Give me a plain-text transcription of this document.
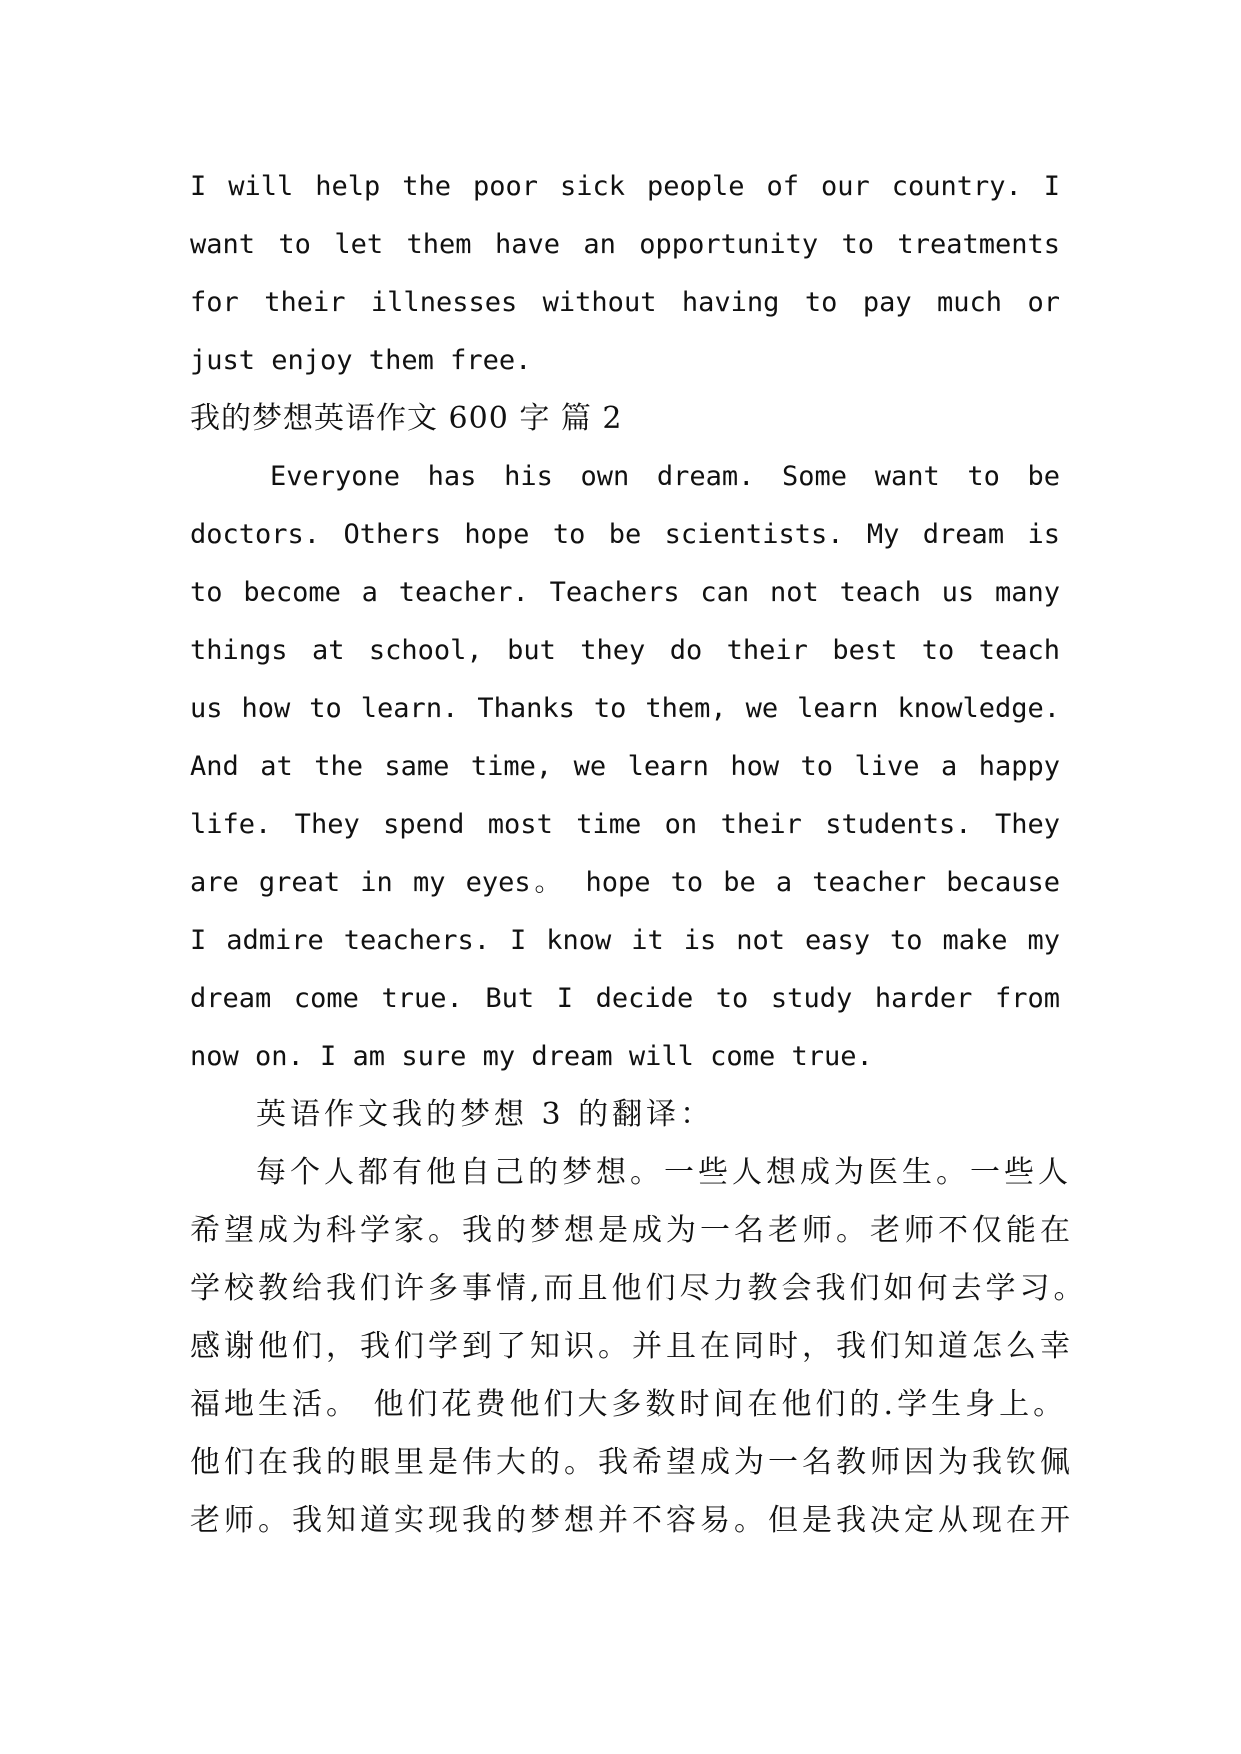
I will help the poor sick people of our country. I
want to let them have an opportunity to treatments
for their illnesses without having to pay much or
just enjoy them free.
我的梦想英语作文 600 字 篇 2
Everyone has his own dream. Some want to be
doctors. Others hope to be scientists. My dream is
to become a teacher. Teachers can not teach us many
things at school, but they do their best to teach
us how to learn. Thanks to them, we learn knowledge.
And at the same time, we learn how to live a happy
life. They spend most time on their students. They
are great in my eyes。 hope to be a teacher because
I admire teachers. I know it is not easy to make my
dream come true. But I decide to study harder from
now on. I am sure my dream will come true.
英语作文我的梦想 3 的翻译：
每个人都有他自己的梦想。一些人想成为医生。一些人
希望成为科学家。我的梦想是成为一名老师。老师不仅能在
学校教给我们许多事情,而且他们尽力教会我们如何去学习。
感谢他们，我们学到了知识。并且在同时，我们知道怎么幸
福地生活。 他们花费他们大多数时间在他们的.学生身上。
他们在我的眼里是伟大的。我希望成为一名教师因为我钦佩
老师。我知道实现我的梦想并不容易。但是我决定从现在开
